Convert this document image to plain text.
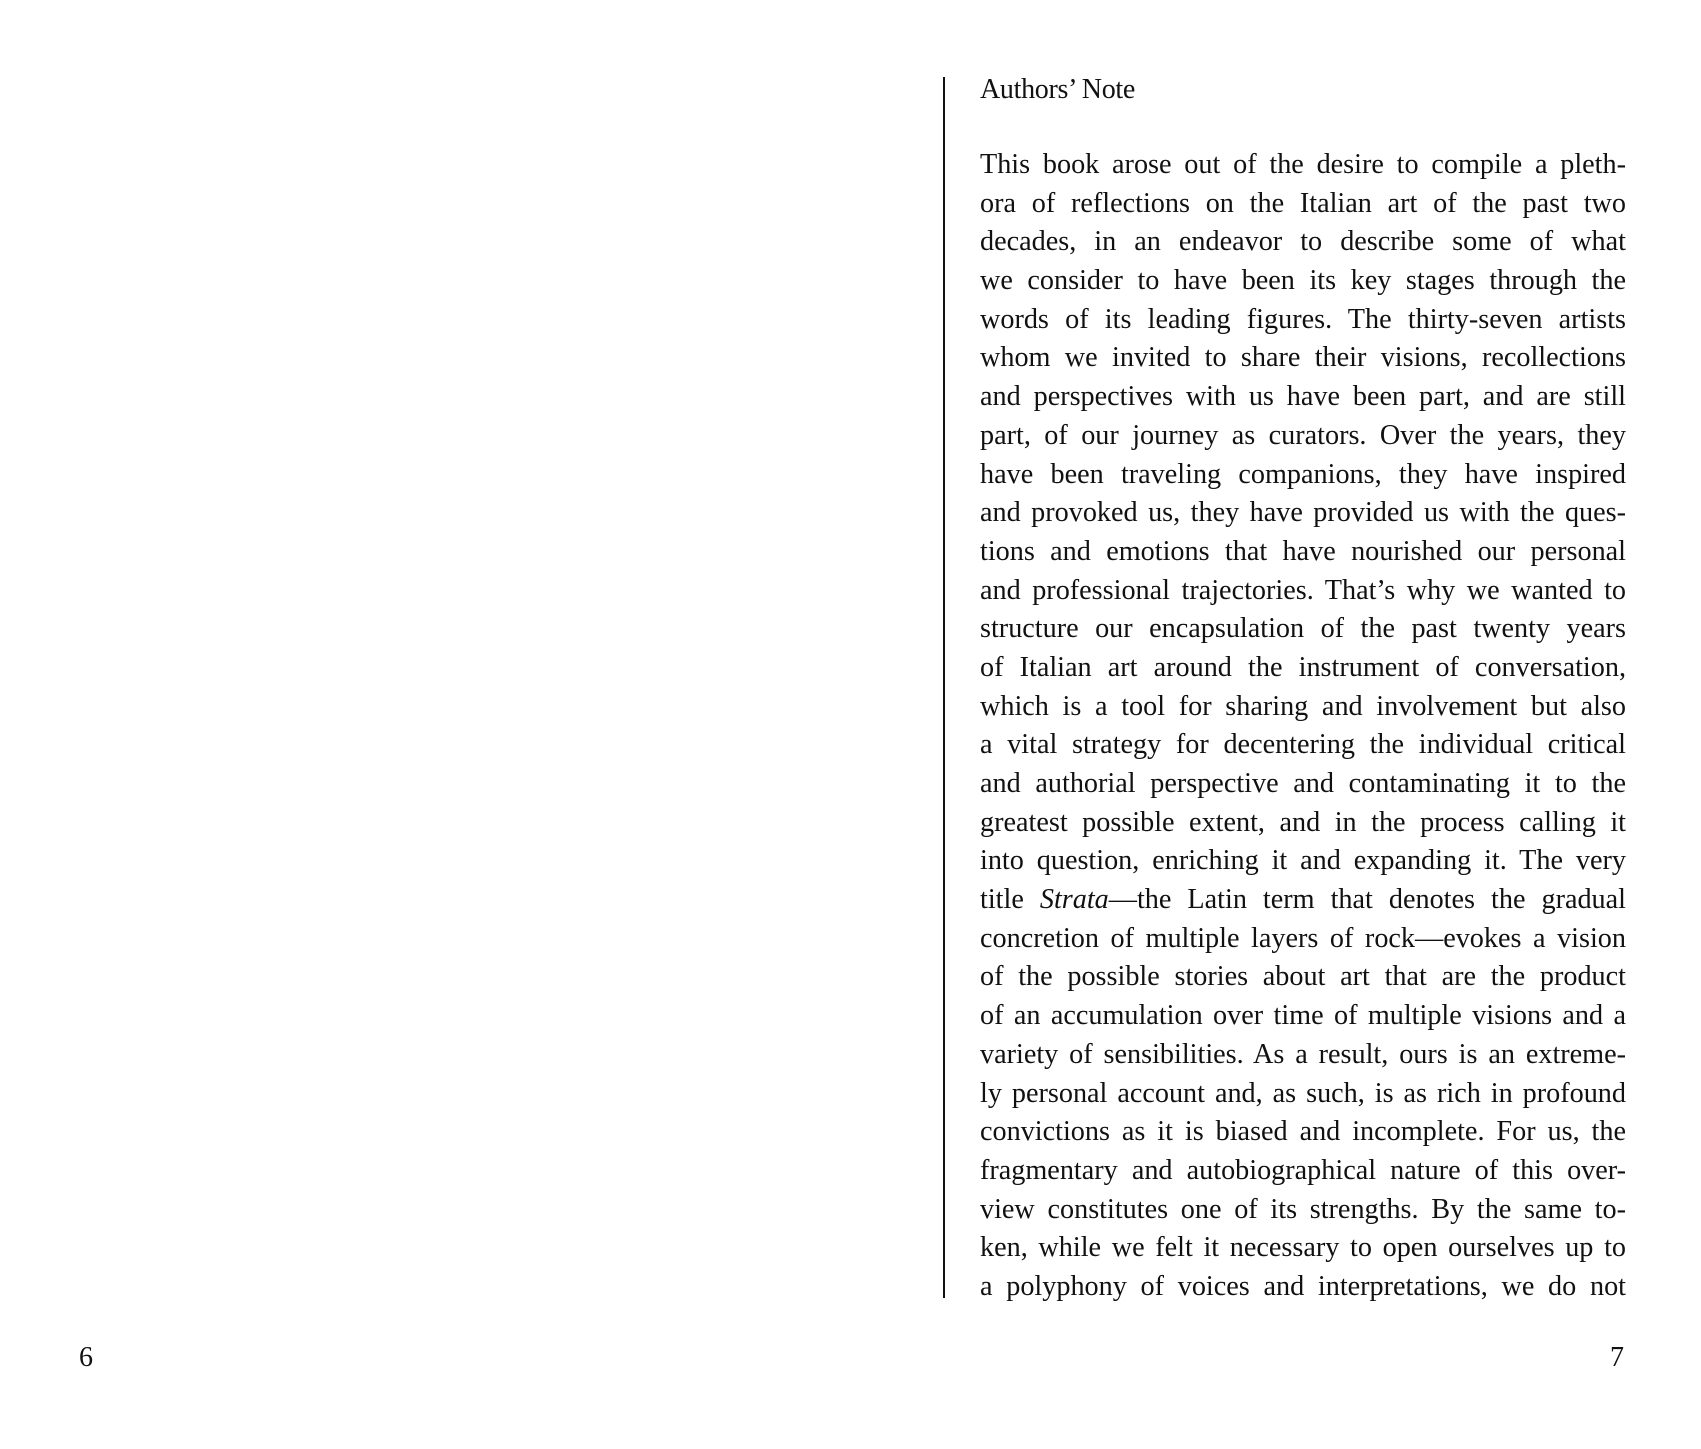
6
Authors’ Note
This book arose out of the desire to compile a pleth-
ora of reflections on the Italian art of the past two
decades, in an endeavor to describe some of what
we consider to have been its key stages through the
words of its leading figures. The thirty-seven artists
whom we invited to share their visions, recollections
and perspectives with us have been part, and are still
part, of our journey as curators. Over the years, they
have been traveling companions, they have inspired
and provoked us, they have provided us with the ques-
tions and emotions that have nourished our personal
and professional trajectories. That’s why we wanted to
structure our encapsulation of the past twenty years
of Italian art around the instrument of conversation,
which is a tool for sharing and involvement but also
a vital strategy for decentering the individual critical
and authorial perspective and contaminating it to the
greatest possible extent, and in the process calling it
into question, enriching it and expanding it. The very
title Strata—the Latin term that denotes the gradual
concretion of multiple layers of rock—evokes a vision
of the possible stories about art that are the product
of an accumulation over time of multiple visions and a
variety of sensibilities. As a result, ours is an extreme-
ly personal account and, as such, is as rich in profound
convictions as it is biased and incomplete. For us, the
fragmentary and autobiographical nature of this over-
view constitutes one of its strengths. By the same to-
ken, while we felt it necessary to open ourselves up to
a polyphony of voices and interpretations, we do not
7
